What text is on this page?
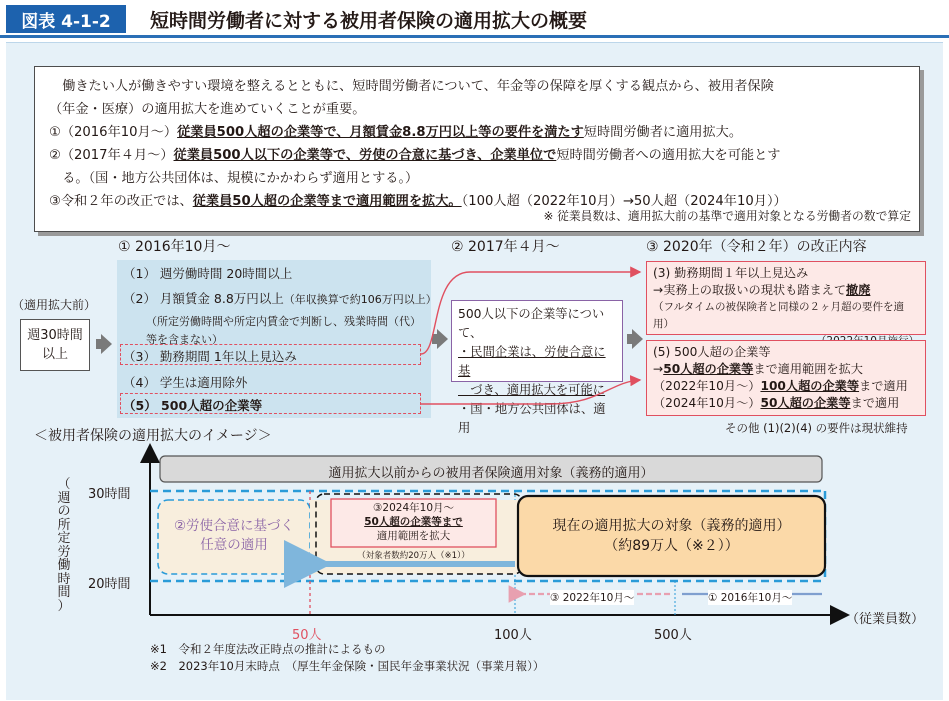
図表 4-1-2	短時間労働者に対する被用者保険の適用拡大の概要
　働きたい人が働きやすい環境を整えるとともに、短時間労働者について、年金等の保障を厚くする観点から、被用者保険
（年金・医療）の適用拡大を進めていくことが重要。
①（2016年10月～）従業員500人超の企業等で、月額賃金8.8万円以上等の要件を満たす短時間労働者に適用拡大。
②（2017年４月～）従業員500人以下の企業等で、労使の合意に基づき、企業単位で短時間労働者への適用拡大を可能とす
　る。（国・地方公共団体は、規模にかかわらず適用とする。）
③令和２年の改正では、従業員50人超の企業等まで適用範囲を拡大。（100人超（2022年10月）→50人超（2024年10月））
※ 従業員数は、適用拡大前の基準で適用対象となる労働者の数で算定
① 2016年10月～	② 2017年４月～	③ 2020年（令和２年）の改正内容
（適用拡大前）
週30時間
以上
（1） 週労働時間 20時間以上
（2） 月額賃金 8.8万円以上（年収換算で約106万円以上）
（所定労働時間や所定内賃金で判断し、残業時間（代）
等を含まない）
（3） 勤務期間 1年以上見込み
（4） 学生は適用除外
（5） 500人超の企業等
500人以下の企業等について、
・民間企業は、労使合意に基
　づき、適用拡大を可能に
・国・地方公共団体は、適用
(3) 勤務期間１年以上見込み
→実務上の取扱いの現状も踏まえて撤廃
（フルタイムの被保険者と同様の２ヶ月超の要件を適用）
(5) 500人超の企業等
→50人超の企業等まで適用範囲を拡大
（2022年10月～）100人超の企業等まで適用
（2024年10月～）50人超の企業等まで適用
その他 (1)(2)(4) の要件は現状維持
＜被用者保険の適用拡大のイメージ＞
30時間
20時間
（
週
の
所
定
労
働
時
間
）
適用拡大以前からの被用者保険適用対象（義務的適用）
②労使合意に基づく
任意の適用
③2024年10月～
50人超の企業等まで
適用範囲を拡大
（対象者数約20万人（※1））
現在の適用拡大の対象（義務的適用）
（約89万人（※２））
③ 2022年10月～	① 2016年10月～
50人	100人	500人
（従業員数）
※1　令和２年度法改正時点の推計によるもの
※2　2023年10月末時点　（厚生年金保険・国民年金事業状況（事業月報））
